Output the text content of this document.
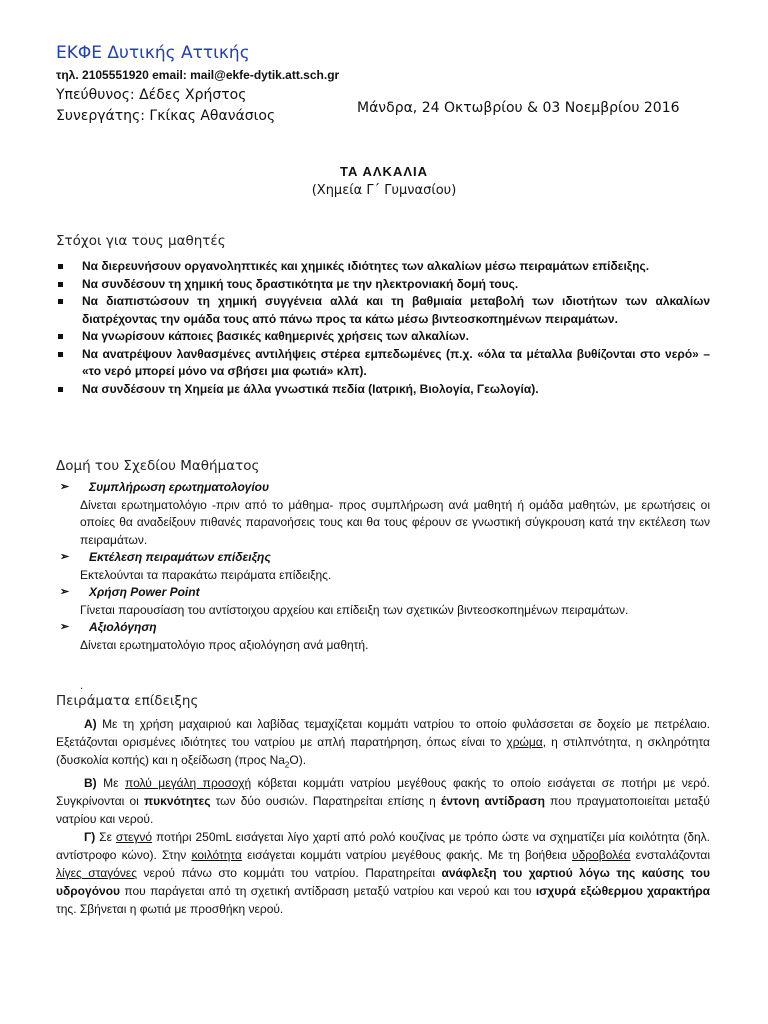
ΕΚΦΕ Δυτικής Αττικής
τηλ. 2105551920 email: mail@ekfe-dytik.att.sch.gr
Υπεύθυνος: Δέδες Χρήστος
Συνεργάτης: Γκίκας Αθανάσιος	Μάνδρα, 24 Οκτωβρίου & 03 Νοεμβρίου 2016
ΤΑ ΑΛΚΑΛΙΑ
(Χημεία Γ΄ Γυμνασίου)
Στόχοι για τους μαθητές
Να διερευνήσουν οργανοληπτικές και χημικές ιδιότητες των αλκαλίων μέσω πειραμάτων επίδειξης.
Να συνδέσουν τη χημική τους δραστικότητα με την ηλεκτρονιακή δομή τους.
Να διαπιστώσουν τη χημική συγγένεια αλλά και τη βαθμιαία μεταβολή των ιδιοτήτων των αλκαλίων διατρέχοντας την ομάδα τους από πάνω προς τα κάτω μέσω βιντεοσκοπημένων πειραμάτων.
Να γνωρίσουν κάποιες βασικές καθημερινές χρήσεις των αλκαλίων.
Να ανατρέψουν λανθασμένες αντιλήψεις στέρεα εμπεδωμένες (π.χ. «όλα τα μέταλλα βυθίζονται στο νερό» – «το νερό μπορεί μόνο να σβήσει μια φωτιά» κλπ).
Να συνδέσουν τη Χημεία με άλλα γνωστικά πεδία (Ιατρική, Βιολογία, Γεωλογία).
Δομή του Σχεδίου Μαθήματος
➢ Συμπλήρωση ερωτηματολογίου
Δίνεται ερωτηματολόγιο -πριν από το μάθημα- προς συμπλήρωση ανά μαθητή ή ομάδα μαθητών, με ερωτήσεις οι οποίες θα αναδείξουν πιθανές παρανοήσεις τους και θα τους φέρουν σε γνωστική σύγκρουση κατά την εκτέλεση των πειραμάτων.
➢ Εκτέλεση πειραμάτων επίδειξης
Εκτελούνται τα παρακάτω πειράματα επίδειξης.
➢ Χρήση Power Point
Γίνεται παρουσίαση του αντίστοιχου αρχείου και επίδειξη των σχετικών βιντεοσκοπημένων πειραμάτων.
➢ Αξιολόγηση
Δίνεται ερωτηματολόγιο προς αξιολόγηση ανά μαθητή.
.
Πειράματα επίδειξης

Α) Με τη χρήση μαχαιριού και λαβίδας τεμαχίζεται κομμάτι νατρίου το οποίο φυλάσσεται σε δοχείο με πετρέλαιο. Εξετάζονται ορισμένες ιδιότητες του νατρίου με απλή παρατήρηση, όπως είναι το χρώμα, η στιλπνότητα, η σκληρότητα (δυσκολία κοπής) και η οξείδωση (προς $Na_2O$).

Β) Με πολύ μεγάλη προσοχή κόβεται κομμάτι νατρίου μεγέθους φακής το οποίο εισάγεται σε ποτήρι με νερό. Συγκρίνονται οι πυκνότητες των δύο ουσιών. Παρατηρείται επίσης η έντονη αντίδραση που πραγματοποιείται μεταξύ νατρίου και νερού.

Γ) Σε στεγνό ποτήρι 250mL εισάγεται λίγο χαρτί από ρολό κουζίνας με τρόπο ώστε να σχηματίζει μία κοιλότητα (δηλ. αντίστροφο κώνο). Στην κοιλότητα εισάγεται κομμάτι νατρίου μεγέθους φακής. Με τη βοήθεια υδροβολέα ενσταλάζονται λίγες σταγόνες νερού πάνω στο κομμάτι του νατρίου. Παρατηρείται ανάφλεξη του χαρτιού λόγω της καύσης του υδρογόνου που παράγεται από τη σχετική αντίδραση μεταξύ νατρίου και νερού και του ισχυρά εξώθερμου χαρακτήρα της. Σβήνεται η φωτιά με προσθήκη νερού.
